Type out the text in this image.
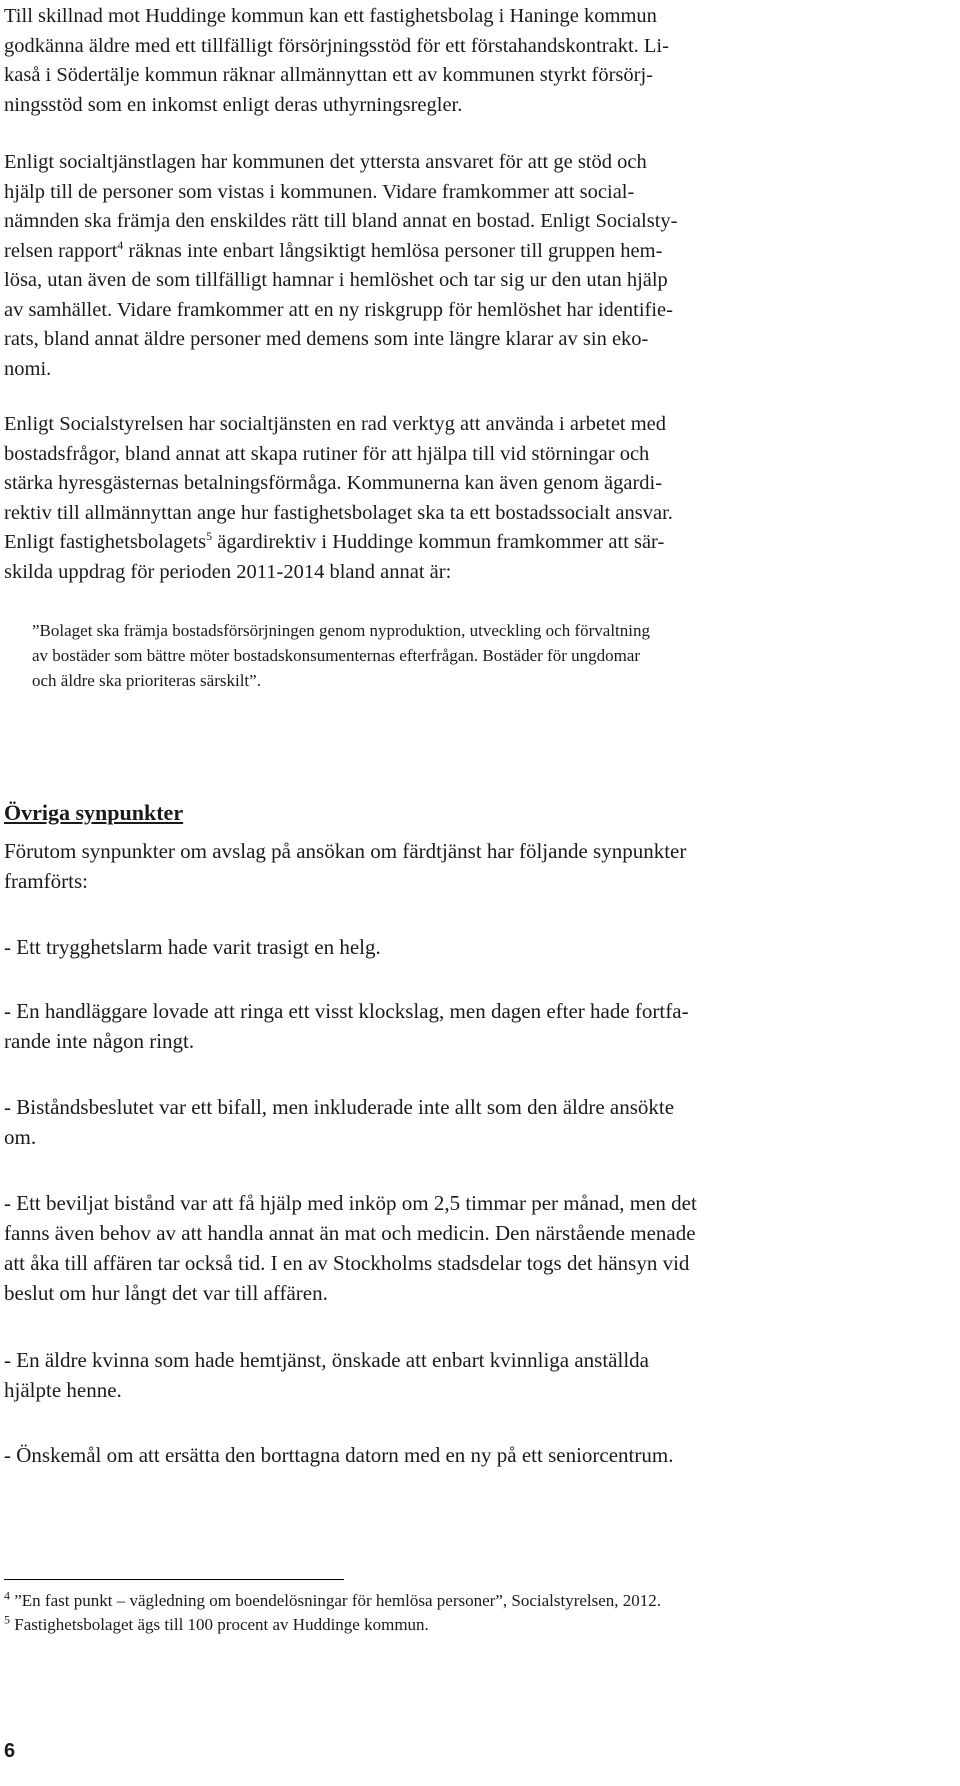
Till skillnad mot Huddinge kommun kan ett fastighetsbolag i Haninge kommun
godkänna äldre med ett tillfälligt försörjningsstöd för ett förstahandskontrakt. Li-
kaså i Södertälje kommun räknar allmännyttan ett av kommunen styrkt försörj-
ningsstöd som en inkomst enligt deras uthyrningsregler.

Enligt socialtjänstlagen har kommunen det yttersta ansvaret för att ge stöd och
hjälp till de personer som vistas i kommunen. Vidare framkommer att social-
nämnden ska främja den enskildes rätt till bland annat en bostad. Enligt Socialsty-
relsen rapport$^4$ räknas inte enbart långsiktigt hemlösa personer till gruppen hem-
lösa, utan även de som tillfälligt hamnar i hemlöshet och tar sig ur den utan hjälp
av samhället. Vidare framkommer att en ny riskgrupp för hemlöshet har identifie-
rats, bland annat äldre personer med demens som inte längre klarar av sin eko-
nomi.

Enligt Socialstyrelsen har socialtjänsten en rad verktyg att använda i arbetet med
bostadsfrågor, bland annat att skapa rutiner för att hjälpa till vid störningar och
stärka hyresgästernas betalningsförmåga. Kommunerna kan även genom ägardi-
rektiv till allmännyttan ange hur fastighetsbolaget ska ta ett bostadssocialt ansvar.
Enligt fastighetsbolagets$^5$ ägardirektiv i Huddinge kommun framkommer att sär-
skilda uppdrag för perioden 2011-2014 bland annat är:

”Bolaget ska främja bostadsförsörjningen genom nyproduktion, utveckling och förvaltning
av bostäder som bättre möter bostadskonsumenternas efterfrågan. Bostäder för ungdomar
och äldre ska prioriteras särskilt”.
Övriga synpunkter
Förutom synpunkter om avslag på ansökan om färdtjänst har följande synpunkter
framförts:
- Ett trygghetslarm hade varit trasigt en helg.
- En handläggare lovade att ringa ett visst klockslag, men dagen efter hade fortfa-
rande inte någon ringt.
- Biståndsbeslutet var ett bifall, men inkluderade inte allt som den äldre ansökte
om.
- Ett beviljat bistånd var att få hjälp med inköp om 2,5 timmar per månad, men det
fanns även behov av att handla annat än mat och medicin. Den närstående menade
att åka till affären tar också tid. I en av Stockholms stadsdelar togs det hänsyn vid
beslut om hur långt det var till affären.
- En äldre kvinna som hade hemtjänst, önskade att enbart kvinnliga anställda
hjälpte henne.
- Önskemål om att ersätta den borttagna datorn med en ny på ett seniorcentrum.
$^4$ ”En fast punkt – vägledning om boendelösningar för hemlösa personer”, Socialstyrelsen, 2012.
$^5$ Fastighetsbolaget ägs till 100 procent av Huddinge kommun.
6
